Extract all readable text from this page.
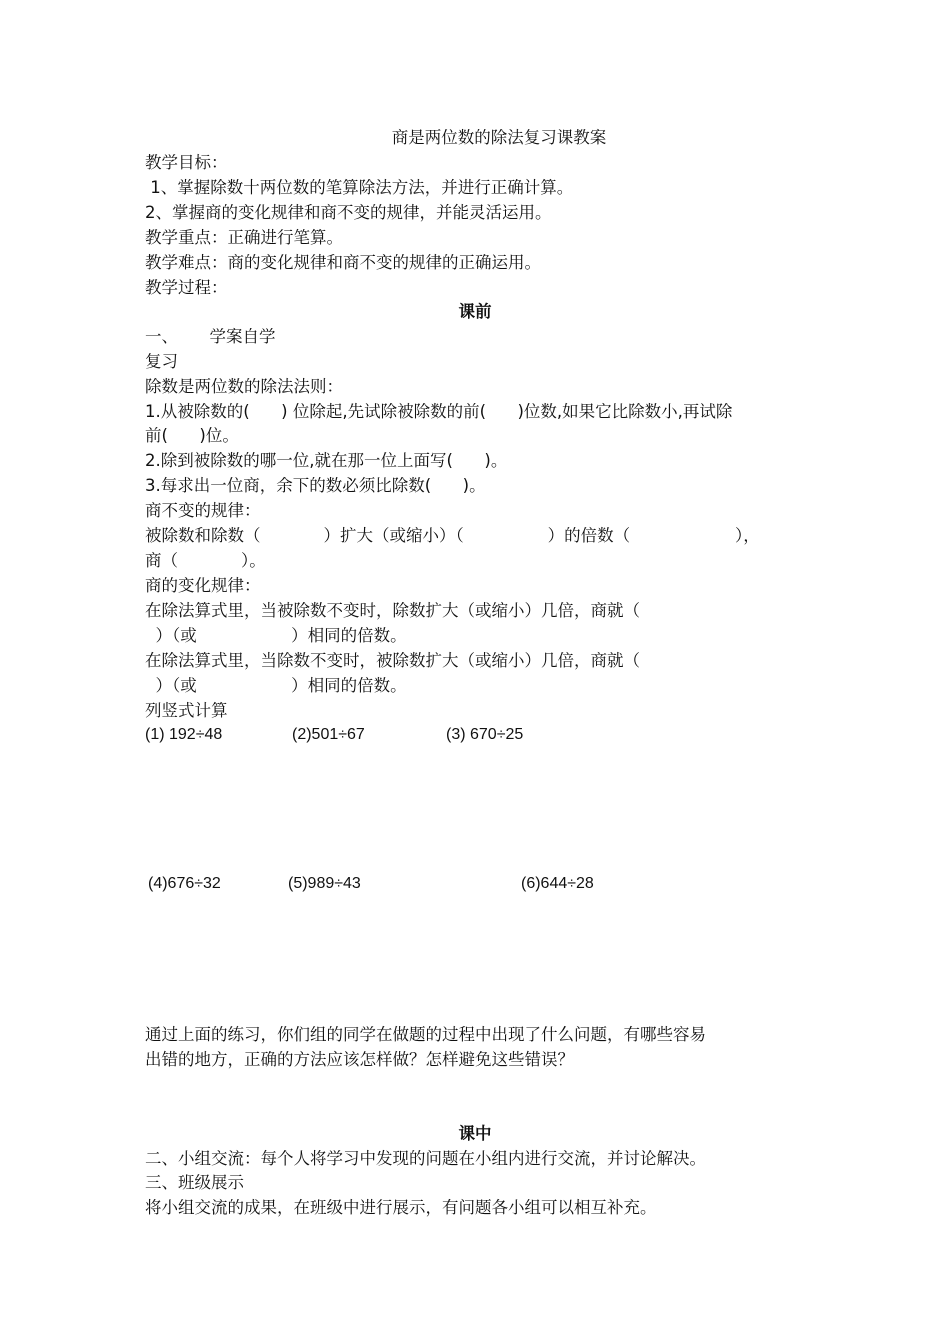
商是两位数的除法复习课教案
教学目标：
1、掌握除数十两位数的笔算除法方法，并进行正确计算。
2、掌握商的变化规律和商不变的规律，并能灵活运用。
教学重点：正确进行笔算。
教学难点：商的变化规律和商不变的规律的正确运用。
教学过程：
课前
一、      学案自学
复习
除数是两位数的除法法则：
1.从被除数的(      ) 位除起,先试除被除数的前(      )位数,如果它比除数小,再试除
前(      )位。
2.除到被除数的哪一位,就在那一位上面写(      )。
3.每求出一位商，余下的数必须比除数(      )。
商不变的规律：
被除数和除数（            ）扩大（或缩小）（                ）的倍数（                    ），
商（            ）。
商的变化规律：
在除法算式里，当被除数不变时，除数扩大（或缩小）几倍，商就（
）（或                  ）相同的倍数。
在除法算式里，当除数不变时，被除数扩大（或缩小）几倍，商就（
）（或                  ）相同的倍数。
列竖式计算
(1) 192÷48	(2)501÷67	(3) 670÷25
(4)676÷32	(5)989÷43	(6)644÷28
通过上面的练习，你们组的同学在做题的过程中出现了什么问题，有哪些容易
出错的地方，正确的方法应该怎样做？怎样避免这些错误？
课中
二、小组交流：每个人将学习中发现的问题在小组内进行交流，并讨论解决。
三、班级展示
将小组交流的成果，在班级中进行展示，有问题各小组可以相互补充。
